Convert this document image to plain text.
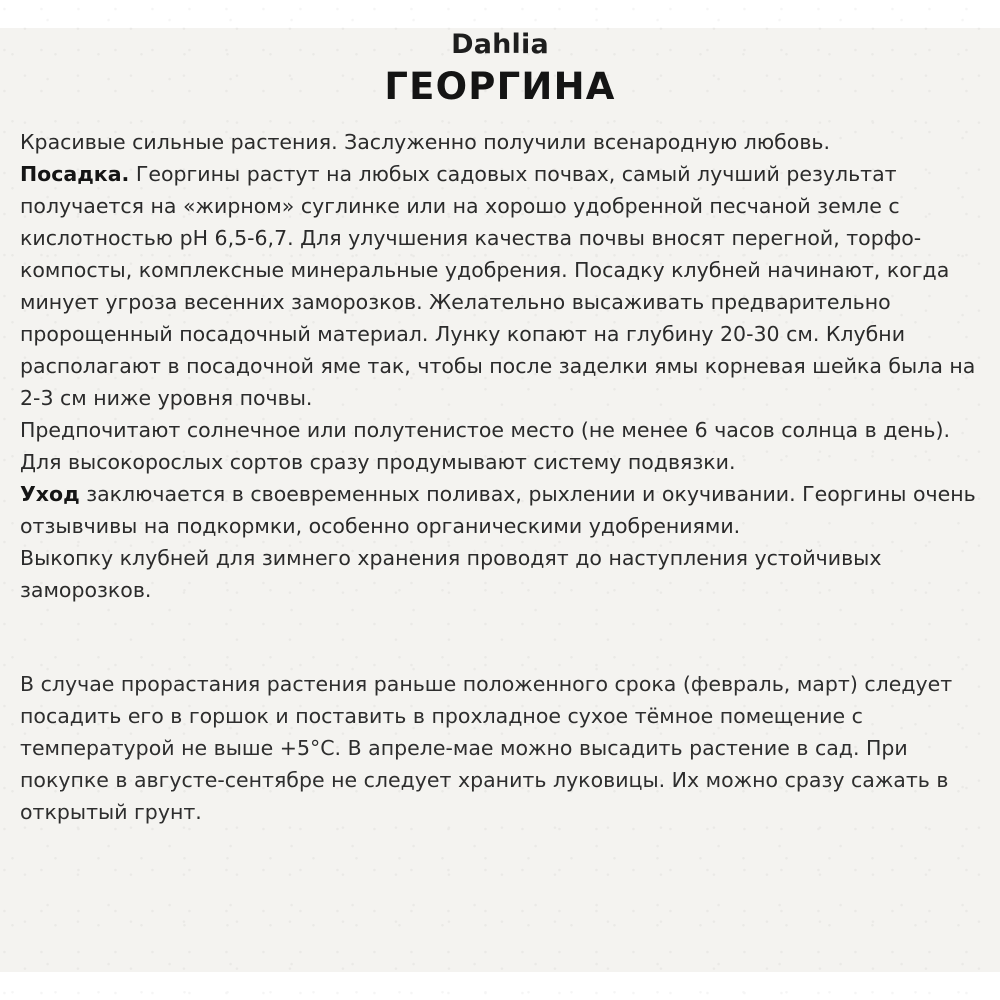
Dahlia
ГЕОРГИНА

Красивые сильные растения. Заслуженно получили всенародную любовь.

Посадка. Георгины растут на любых садовых почвах, самый лучший результат получается на «жирном» суглинке или на хорошо удобренной песчаной земле с кислотностью pH 6,5-6,7. Для улучшения качества почвы вносят перегной, торфо-компосты, комплексные минеральные удобрения. Посадку клубней начинают, когда минует угроза весенних заморозков. Желательно высаживать предварительно пророщенный посадочный материал. Лунку копают на глубину 20-30 см. Клубни располагают в посадочной яме так, чтобы после заделки ямы корневая шейка была на 2-3 см ниже уровня почвы.

Предпочитают солнечное или полутенистое место (не менее 6 часов солнца в день). Для высокорослых сортов сразу продумывают систему подвязки.

Уход заключается в своевременных поливах, рыхлении и окучивании. Георгины очень отзывчивы на подкормки, особенно органическими удобрениями.

Выкопку клубней для зимнего хранения проводят до наступления устойчивых заморозков.

В случае прорастания растения раньше положенного срока (февраль, март) следует посадить его в горшок и поставить в прохладное сухое тёмное помещение с температурой не выше +5°С. В апреле-мае можно высадить растение в сад. При покупке в августе-сентябре не следует хранить луковицы. Их можно сразу сажать в открытый грунт.
